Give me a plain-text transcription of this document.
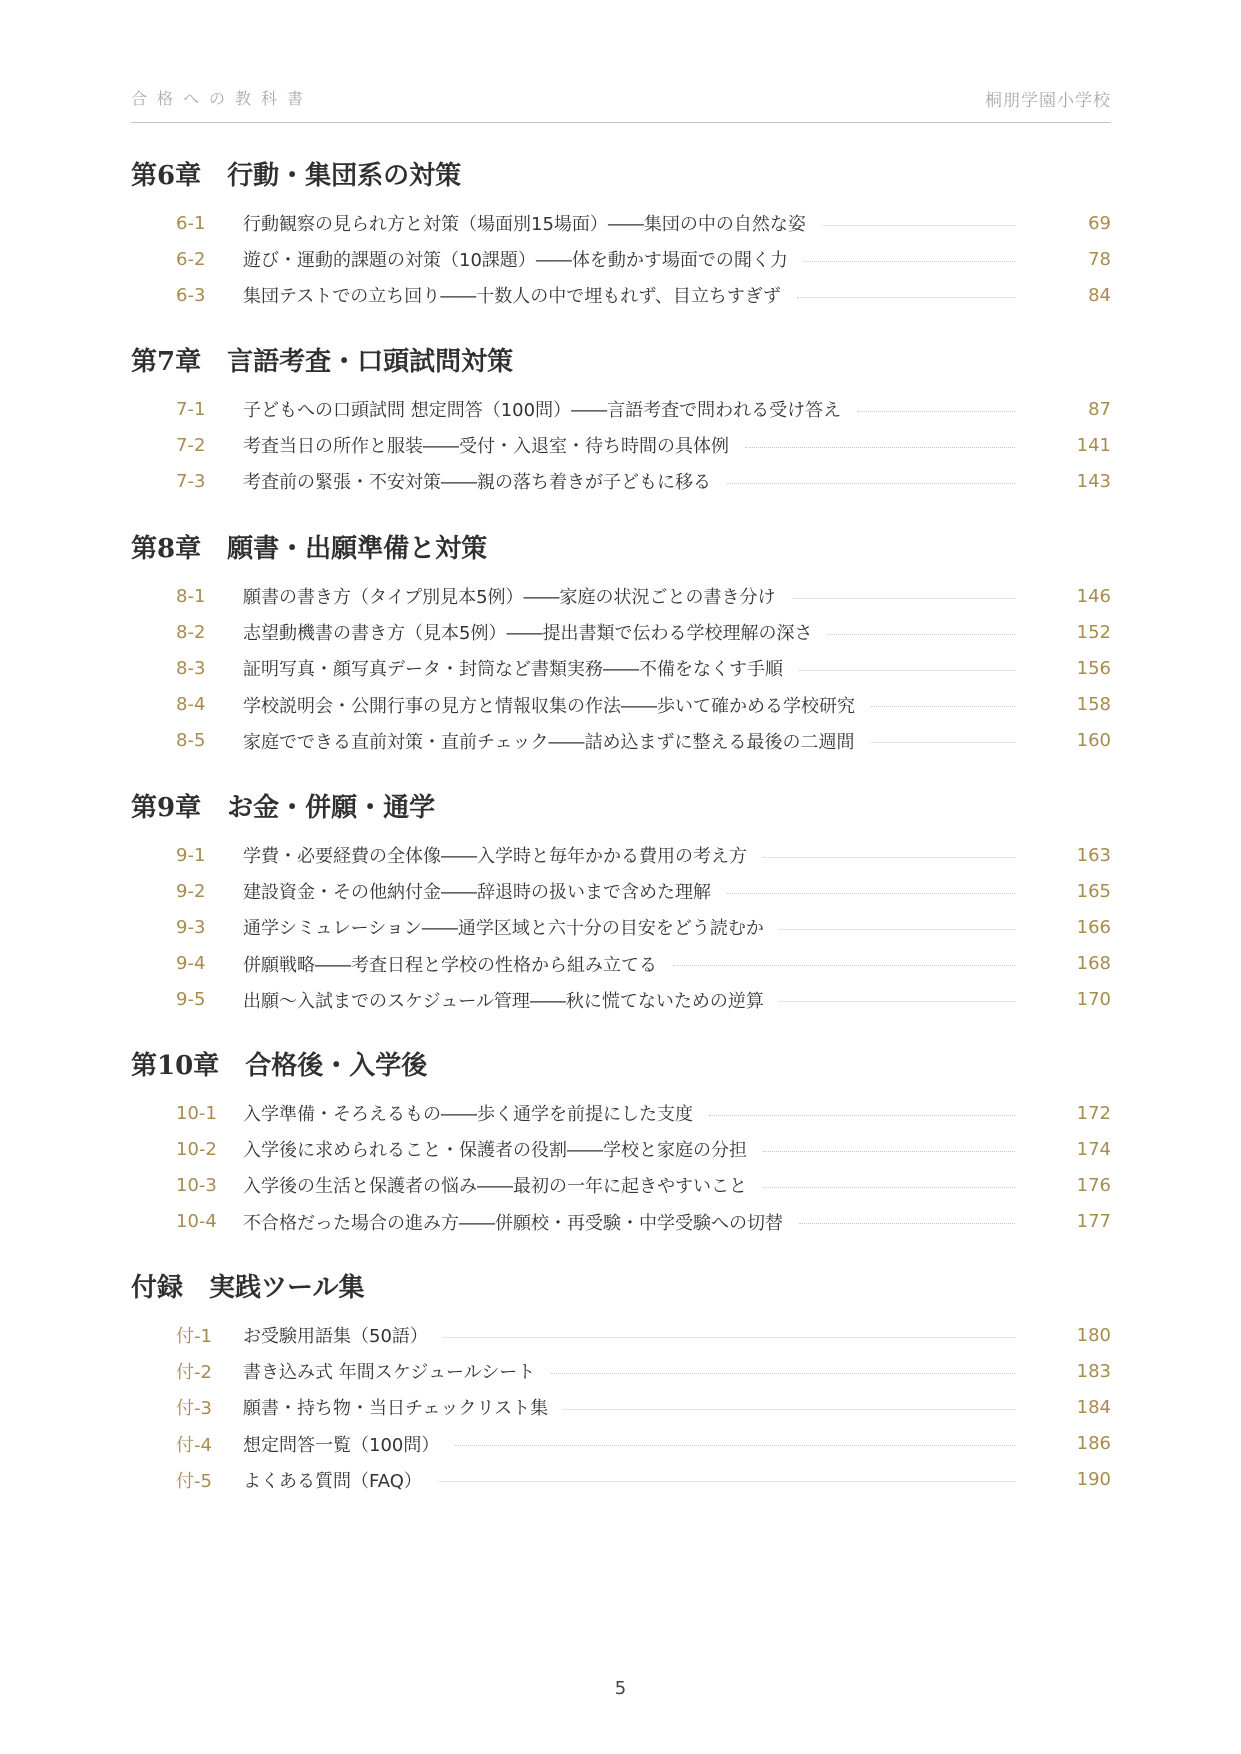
合格への教科書	桐朋学園小学校
第6章 行動・集団系の対策
6-1	行動観察の見られ方と対策（場面別15場面）――集団の中の自然な姿	69
6-2	遊び・運動的課題の対策（10課題）――体を動かす場面での聞く力	78
6-3	集団テストでの立ち回り――十数人の中で埋もれず、目立ちすぎず	84
第7章 言語考査・口頭試問対策
7-1	子どもへの口頭試問 想定問答（100問）――言語考査で問われる受け答え	87
7-2	考査当日の所作と服装――受付・入退室・待ち時間の具体例	141
7-3	考査前の緊張・不安対策――親の落ち着きが子どもに移る	143
第8章 願書・出願準備と対策
8-1	願書の書き方（タイプ別見本5例）――家庭の状況ごとの書き分け	146
8-2	志望動機書の書き方（見本5例）――提出書類で伝わる学校理解の深さ	152
8-3	証明写真・顔写真データ・封筒など書類実務――不備をなくす手順	156
8-4	学校説明会・公開行事の見方と情報収集の作法――歩いて確かめる学校研究	158
8-5	家庭でできる直前対策・直前チェック――詰め込まずに整える最後の二週間	160
第9章 お金・併願・通学
9-1	学費・必要経費の全体像――入学時と毎年かかる費用の考え方	163
9-2	建設資金・その他納付金――辞退時の扱いまで含めた理解	165
9-3	通学シミュレーション――通学区域と六十分の目安をどう読むか	166
9-4	併願戦略――考査日程と学校の性格から組み立てる	168
9-5	出願〜入試までのスケジュール管理――秋に慌てないための逆算	170
第10章 合格後・入学後
10-1	入学準備・そろえるもの――歩く通学を前提にした支度	172
10-2	入学後に求められること・保護者の役割――学校と家庭の分担	174
10-3	入学後の生活と保護者の悩み――最初の一年に起きやすいこと	176
10-4	不合格だった場合の進み方――併願校・再受験・中学受験への切替	177
付録 実践ツール集
付-1	お受験用語集（50語）	180
付-2	書き込み式 年間スケジュールシート	183
付-3	願書・持ち物・当日チェックリスト集	184
付-4	想定問答一覧（100問）	186
付-5	よくある質問（FAQ）	190
5
